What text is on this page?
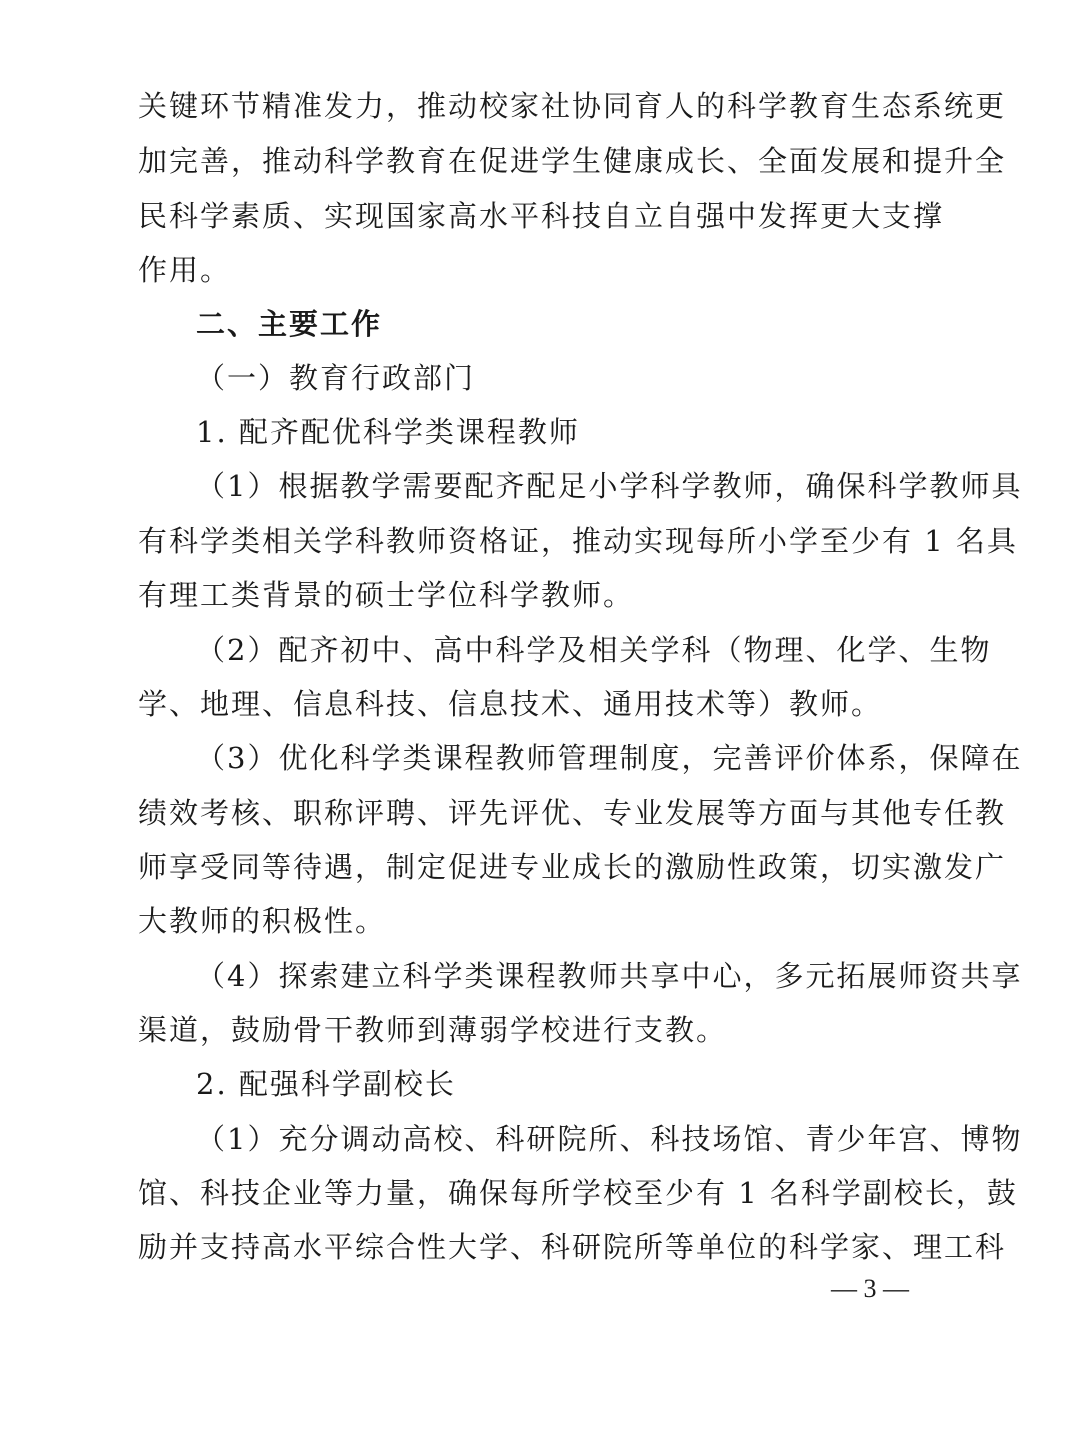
关键环节精准发力，推动校家社协同育人的科学教育生态系统更
加完善，推动科学教育在促进学生健康成长、全面发展和提升全
民科学素质、实现国家高水平科技自立自强中发挥更大支撑
作用。
二、主要工作
（一）教育行政部门
1. 配齐配优科学类课程教师
（1）根据教学需要配齐配足小学科学教师，确保科学教师具
有科学类相关学科教师资格证，推动实现每所小学至少有 1 名具
有理工类背景的硕士学位科学教师。
（2）配齐初中、高中科学及相关学科（物理、化学、生物
学、地理、信息科技、信息技术、通用技术等）教师。
（3）优化科学类课程教师管理制度，完善评价体系，保障在
绩效考核、职称评聘、评先评优、专业发展等方面与其他专任教
师享受同等待遇，制定促进专业成长的激励性政策，切实激发广
大教师的积极性。
（4）探索建立科学类课程教师共享中心，多元拓展师资共享
渠道，鼓励骨干教师到薄弱学校进行支教。
2. 配强科学副校长
（1）充分调动高校、科研院所、科技场馆、青少年宫、博物
馆、科技企业等力量，确保每所学校至少有 1 名科学副校长，鼓
励并支持高水平综合性大学、科研院所等单位的科学家、理工科
— 3 —
